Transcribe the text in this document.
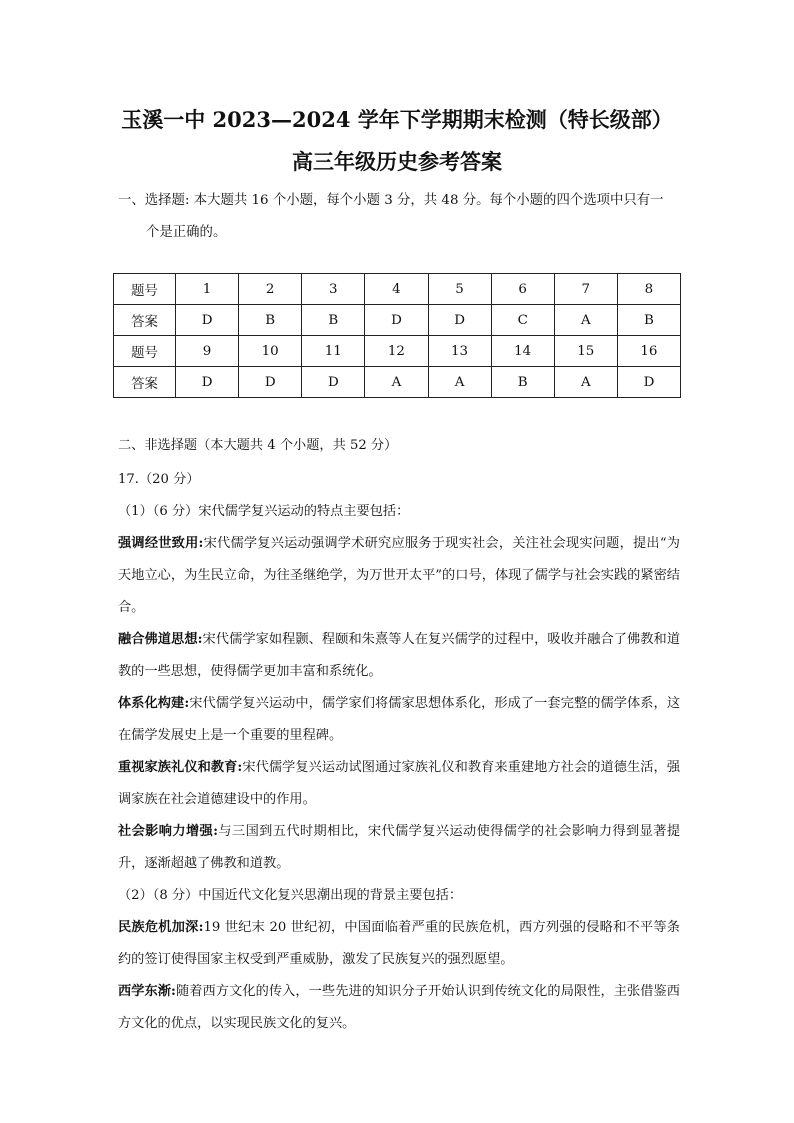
玉溪一中 2023—2024 学年下学期期末检测（特长级部）
高三年级历史参考答案
一、选择题: 本大题共 16 个小题，每个小题 3 分，共 48 分。每个小题的四个选项中只有一
个是正确的。
题号	1	2	3	4	5	6	7	8
答案	D	B	B	D	D	C	A	B
题号	9	10	11	12	13	14	15	16
答案	D	D	D	A	A	B	A	D

二、非选择题（本大题共 4 个小题，共 52 分）

17.（20 分）

（1）（6 分）宋代儒学复兴运动的特点主要包括：

强调经世致用:宋代儒学复兴运动强调学术研究应服务于现实社会，关注社会现实问题，提出“为天地立心，为生民立命，为往圣继绝学，为万世开太平”的口号，体现了儒学与社会实践的紧密结合。

融合佛道思想:宋代儒学家如程颢、程颐和朱熹等人在复兴儒学的过程中，吸收并融合了佛教和道教的一些思想，使得儒学更加丰富和系统化。

体系化构建:宋代儒学复兴运动中，儒学家们将儒家思想体系化，形成了一套完整的儒学体系，这在儒学发展史上是一个重要的里程碑。

重视家族礼仪和教育:宋代儒学复兴运动试图通过家族礼仪和教育来重建地方社会的道德生活，强调家族在社会道德建设中的作用。

社会影响力增强:与三国到五代时期相比，宋代儒学复兴运动使得儒学的社会影响力得到显著提升，逐渐超越了佛教和道教。

（2）（8 分）中国近代文化复兴思潮出现的背景主要包括：

民族危机加深:19 世纪末 20 世纪初，中国面临着严重的民族危机，西方列强的侵略和不平等条约的签订使得国家主权受到严重威胁，激发了民族复兴的强烈愿望。

西学东渐:随着西方文化的传入，一些先进的知识分子开始认识到传统文化的局限性，主张借鉴西方文化的优点，以实现民族文化的复兴。
